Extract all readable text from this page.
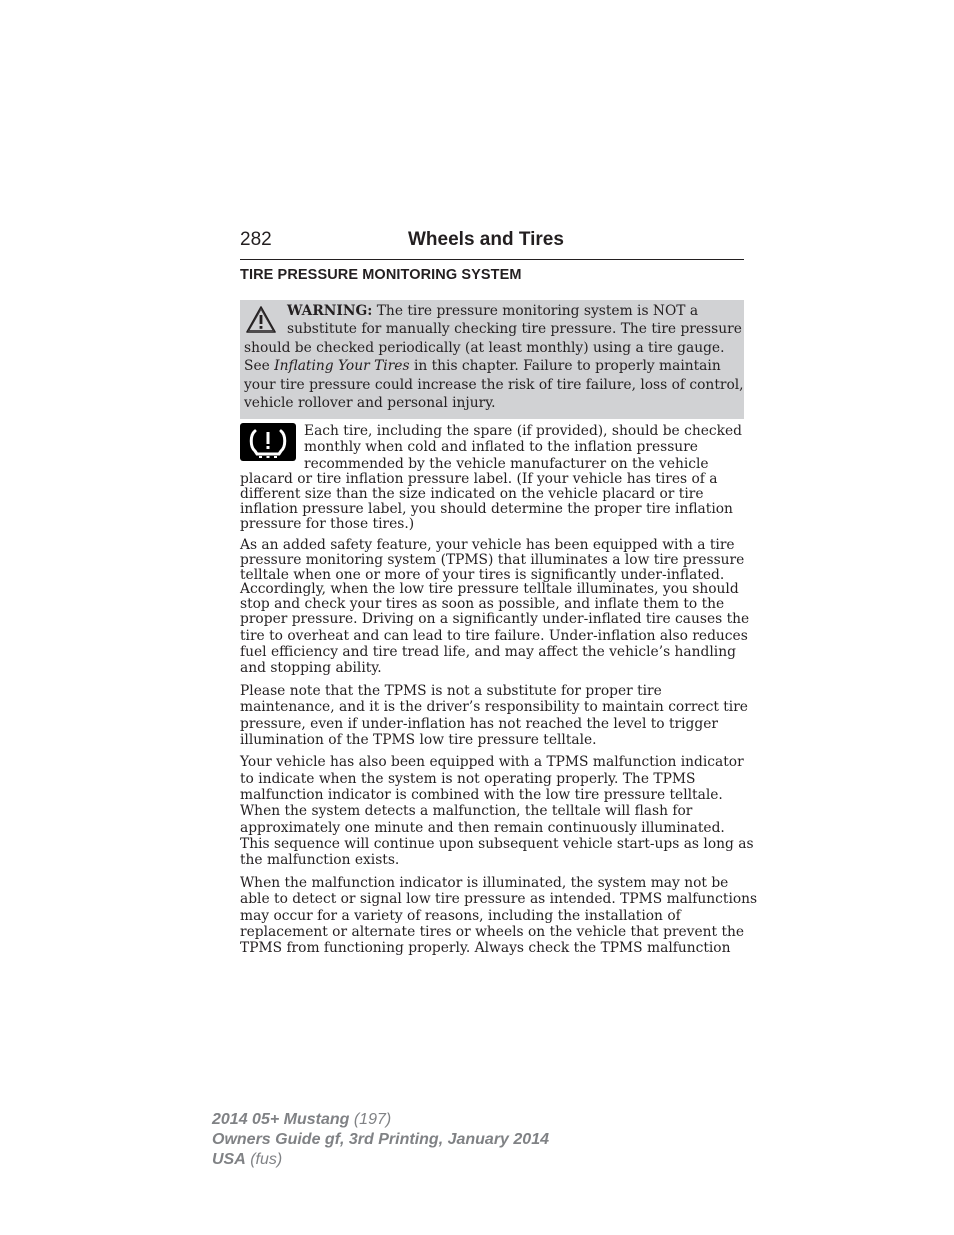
282	Wheels and Tires
TIRE PRESSURE MONITORING SYSTEM
WARNING: The tire pressure monitoring system is NOT a
substitute for manually checking tire pressure. The tire pressure
should be checked periodically (at least monthly) using a tire gauge.
See Inflating Your Tires in this chapter. Failure to properly maintain
your tire pressure could increase the risk of tire failure, loss of control,
vehicle rollover and personal injury.
Each tire, including the spare (if provided), should be checked
monthly when cold and inflated to the inflation pressure
recommended by the vehicle manufacturer on the vehicle
placard or tire inflation pressure label. (If your vehicle has tires of a
different size than the size indicated on the vehicle placard or tire
inflation pressure label, you should determine the proper tire inflation
pressure for those tires.)
As an added safety feature, your vehicle has been equipped with a tire
pressure monitoring system (TPMS) that illuminates a low tire pressure
telltale when one or more of your tires is significantly under-inflated.
Accordingly, when the low tire pressure telltale illuminates, you should
stop and check your tires as soon as possible, and inflate them to the
proper pressure. Driving on a significantly under-inflated tire causes the
tire to overheat and can lead to tire failure. Under-inflation also reduces
fuel efficiency and tire tread life, and may affect the vehicle’s handling
and stopping ability.
Please note that the TPMS is not a substitute for proper tire
maintenance, and it is the driver’s responsibility to maintain correct tire
pressure, even if under-inflation has not reached the level to trigger
illumination of the TPMS low tire pressure telltale.
Your vehicle has also been equipped with a TPMS malfunction indicator
to indicate when the system is not operating properly. The TPMS
malfunction indicator is combined with the low tire pressure telltale.
When the system detects a malfunction, the telltale will flash for
approximately one minute and then remain continuously illuminated.
This sequence will continue upon subsequent vehicle start-ups as long as
the malfunction exists.
When the malfunction indicator is illuminated, the system may not be
able to detect or signal low tire pressure as intended. TPMS malfunctions
may occur for a variety of reasons, including the installation of
replacement or alternate tires or wheels on the vehicle that prevent the
TPMS from functioning properly. Always check the TPMS malfunction
2014 05+ Mustang (197)
Owners Guide gf, 3rd Printing, January 2014
USA (fus)
